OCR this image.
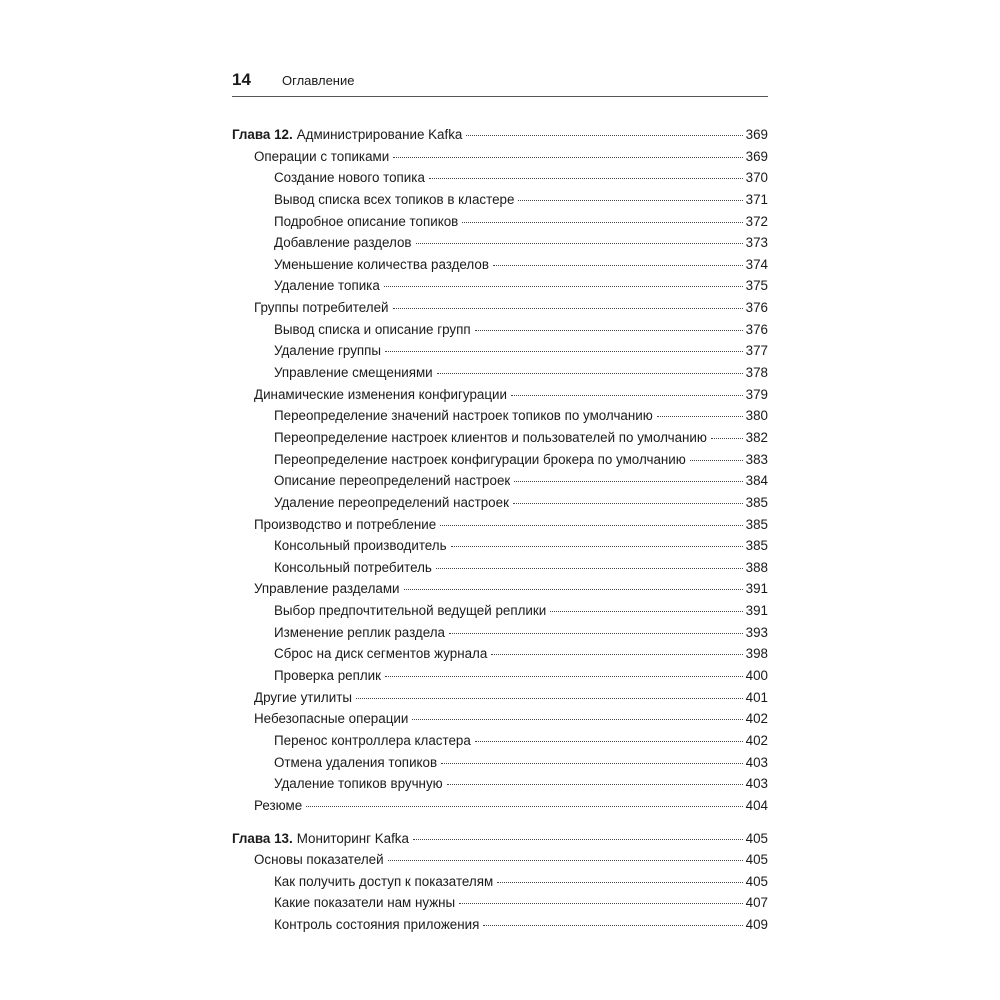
14 Оглавление
Глава 12. Администрирование Kafka	369
Операции с топиками	369
Создание нового топика	370
Вывод списка всех топиков в кластере	371
Подробное описание топиков	372
Добавление разделов	373
Уменьшение количества разделов	374
Удаление топика	375
Группы потребителей	376
Вывод списка и описание групп	376
Удаление группы	377
Управление смещениями	378
Динамические изменения конфигурации	379
Переопределение значений настроек топиков по умолчанию	380
Переопределение настроек клиентов и пользователей по умолчанию	382
Переопределение настроек конфигурации брокера по умолчанию	383
Описание переопределений настроек	384
Удаление переопределений настроек	385
Производство и потребление	385
Консольный производитель	385
Консольный потребитель	388
Управление разделами	391
Выбор предпочтительной ведущей реплики	391
Изменение реплик раздела	393
Сброс на диск сегментов журнала	398
Проверка реплик	400
Другие утилиты	401
Небезопасные операции	402
Перенос контроллера кластера	402
Отмена удаления топиков	403
Удаление топиков вручную	403
Резюме	404
Глава 13. Мониторинг Kafka	405
Основы показателей	405
Как получить доступ к показателям	405
Какие показатели нам нужны	407
Контроль состояния приложения	409
